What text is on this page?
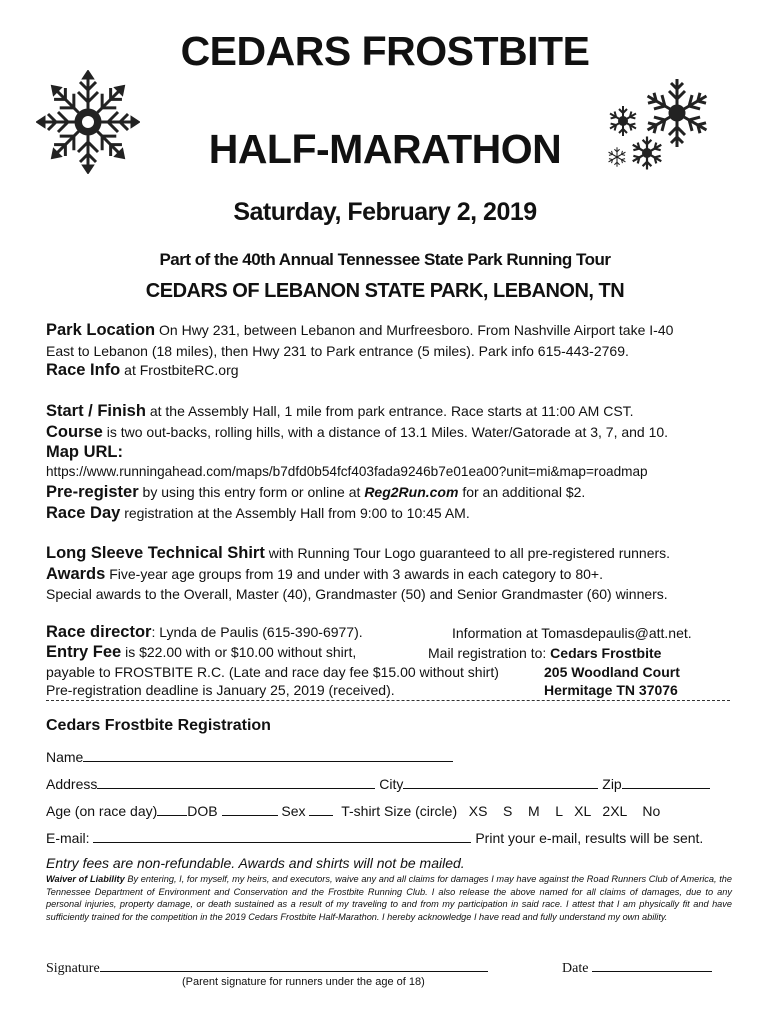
CEDARS FROSTBITE
HALF-MARATHON
Saturday, February 2, 2019
Part of the 40th Annual Tennessee State Park Running Tour
CEDARS OF LEBANON STATE PARK, LEBANON, TN
Park Location On Hwy 231, between Lebanon and Murfreesboro. From Nashville Airport take I-40
East to Lebanon (18 miles), then Hwy 231 to Park entrance (5 miles). Park info 615-443-2769.
Race Info at FrostbiteRC.org
Start / Finish at the Assembly Hall, 1 mile from park entrance. Race starts at 11:00 AM CST.
Course is two out-backs, rolling hills, with a distance of 13.1 Miles. Water/Gatorade at 3, 7, and 10.
Map URL:
https://www.runningahead.com/maps/b7dfd0b54fcf403fada9246b7e01ea00?unit=mi&map=roadmap
Pre-register by using this entry form or online at Reg2Run.com for an additional $2.
Race Day registration at the Assembly Hall from 9:00 to 10:45 AM.
Long Sleeve Technical Shirt with Running Tour Logo guaranteed to all pre-registered runners.
Awards Five-year age groups from 19 and under with 3 awards in each category to 80+.
Special awards to the Overall, Master (40), Grandmaster (50) and Senior Grandmaster (60) winners.
Race director: Lynda de Paulis (615-390-6977).	Information at Tomasdepaulis@att.net.
Entry Fee is $22.00 with or $10.00 without shirt,	Mail registration to: Cedars Frostbite
payable to FROSTBITE R.C. (Late and race day fee $15.00 without shirt)	205 Woodland Court
Pre-registration deadline is January 25, 2019 (received).	Hermitage TN 37076
Cedars Frostbite Registration
Name
Address	City	Zip
Age (on race day) DOB	Sex	T-shirt Size (circle) XS S M L XL 2XL No
E-mail:	Print your e-mail, results will be sent.
Entry fees are non-refundable. Awards and shirts will not be mailed.
Waiver of Liability By entering, I, for myself, my heirs, and executors, waive any and all claims for damages I may have against the Road Runners Club of America, the Tennessee Department of Environment and Conservation and the Frostbite Running Club. I also release the above named for all claims of damages, due to any personal injuries, property damage, or death sustained as a result of my traveling to and from my participation in said race. I attest that I am physically fit and have sufficiently trained for the competition in the 2019 Cedars Frostbite Half-Marathon. I hereby acknowledge I have read and fully understand my own ability.
Signature	Date
(Parent signature for runners under the age of 18)
